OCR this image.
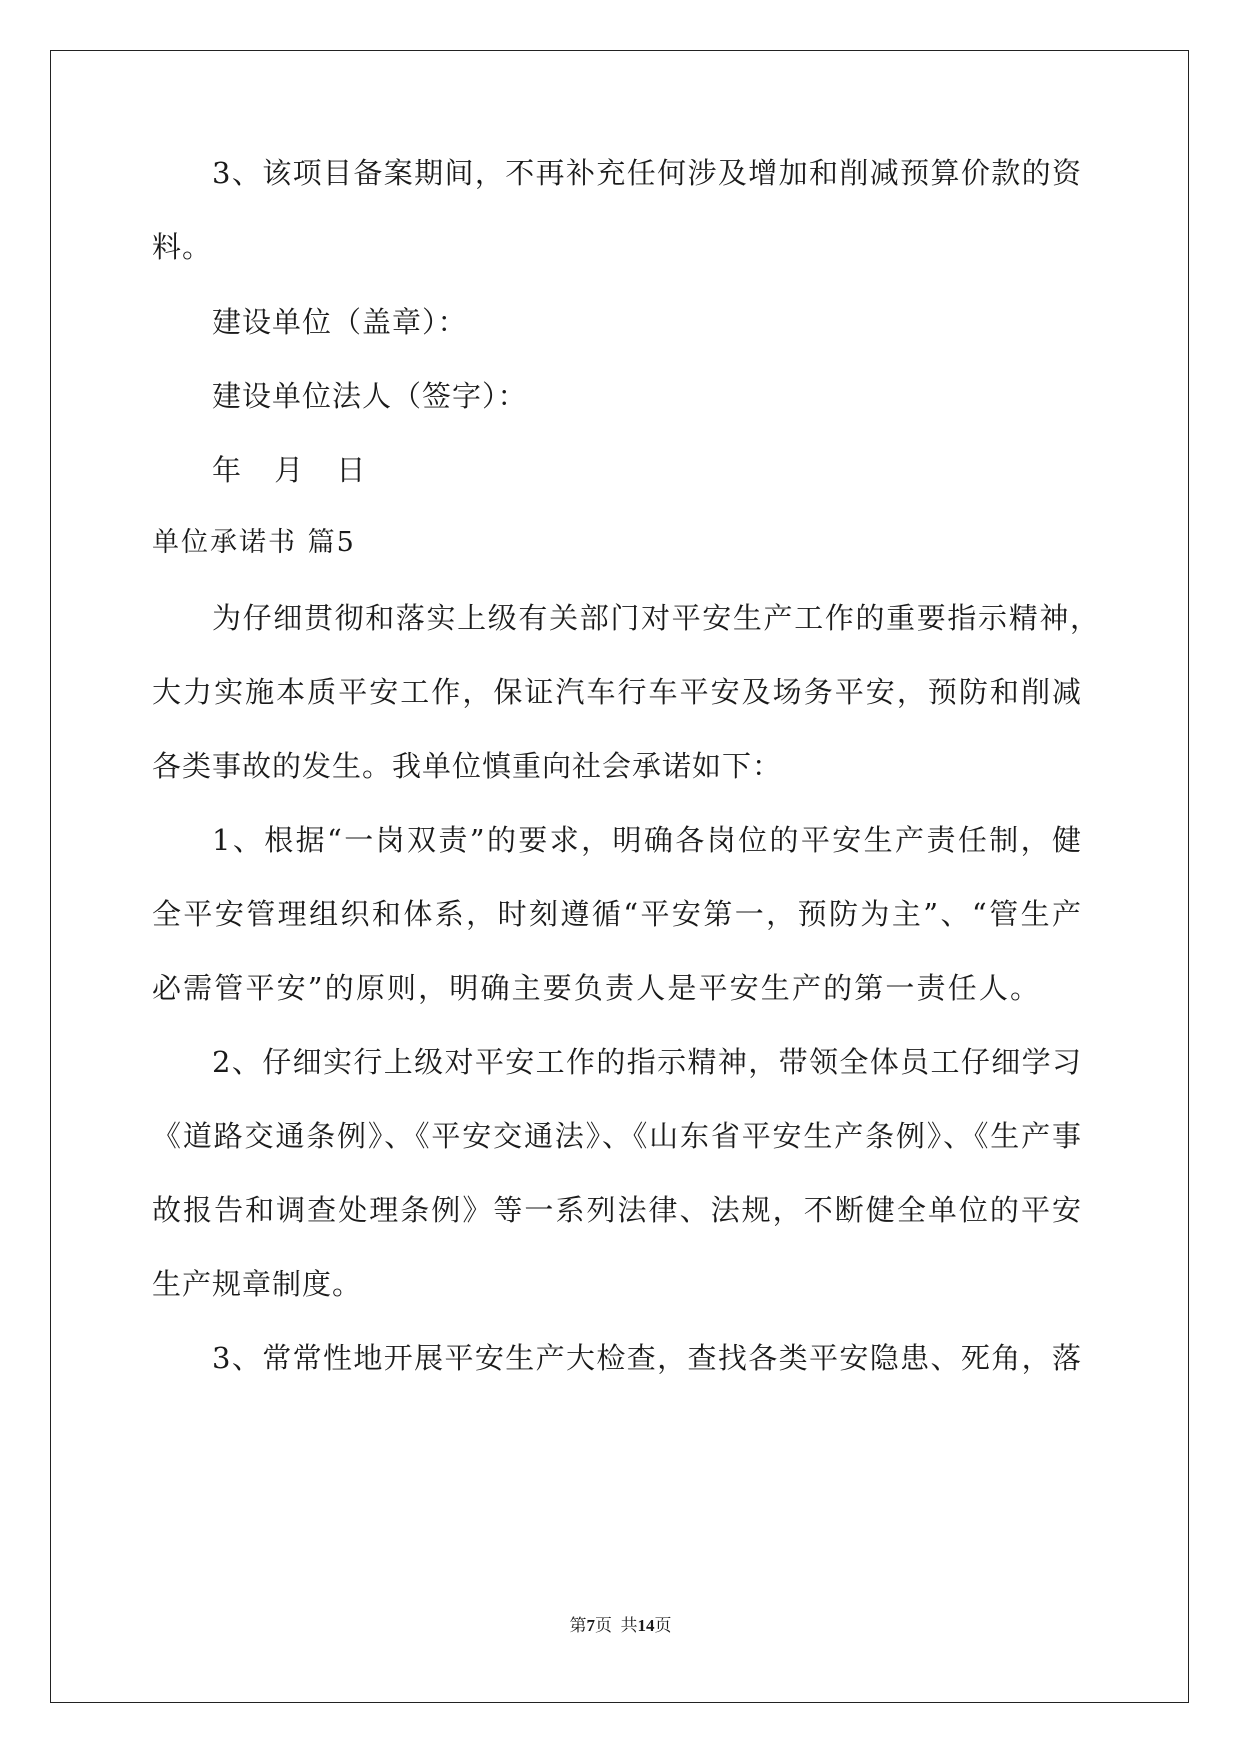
3、该项目备案期间，不再补充任何涉及增加和削减预算价款的资
料。
建设单位（盖章）：
建设单位法人（签字）：
年 月 日
单位承诺书 篇5
为仔细贯彻和落实上级有关部门对平安生产工作的重要指示精神，
大力实施本质平安工作，保证汽车行车平安及场务平安，预防和削减
各类事故的发生。我单位慎重向社会承诺如下：
1、根据“一岗双责”的要求，明确各岗位的平安生产责任制，健
全平安管理组织和体系，时刻遵循“平安第一，预防为主”、“管生产
必需管平安”的原则，明确主要负责人是平安生产的第一责任人。
2、仔细实行上级对平安工作的指示精神，带领全体员工仔细学习
《道路交通条例》、《平安交通法》、《山东省平安生产条例》、《生产事
故报告和调查处理条例》等一系列法律、法规，不断健全单位的平安
生产规章制度。
3、常常性地开展平安生产大检查，查找各类平安隐患、死角，落
第7页  共14页
